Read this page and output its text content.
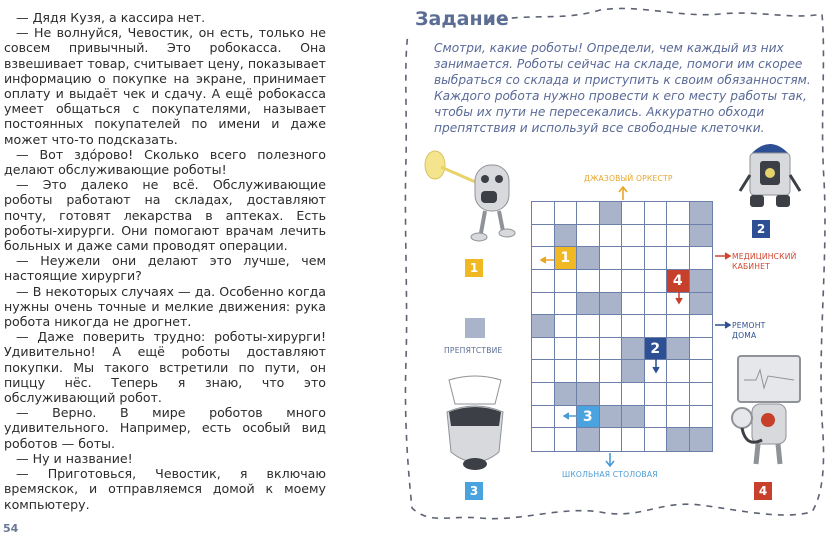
— Дядя Кузя, а кассира нет.

— Не волнуйся, Чевостик, он есть, только не совсем привычный. Это робокасса. Она взвешивает товар, считывает цену, показывает информацию о покупке на экране, принимает оплату и выдаёт чек и сдачу. А ещё робокасса умеет общаться с покупателями, называет постоянных покупателей по имени и даже может что-то подсказать.

— Вот здóрово! Сколько всего полезного делают обслуживающие роботы!

— Это далеко не всё. Обслуживающие роботы работают на складах, доставляют почту, готовят лекарства в аптеках. Есть роботы-хирурги. Они помогают врачам лечить больных и даже сами проводят операции.

— Неужели они делают это лучше, чем настоящие хирурги?

— В некоторых случаях — да. Особенно когда нужны очень точные и мелкие движения: рука робота никогда не дрогнет.

— Даже поверить трудно: роботы-хирурги! Удивительно! А ещё роботы доставляют покупки. Мы такого встретили по пути, он пиццу нёс. Теперь я знаю, что это обслуживающий робот.

— Верно. В мире роботов много удивительного. Например, есть особый вид роботов — боты.

— Ну и название!

— Приготовься, Чевостик, я включаю времяскок, и отправляемся домой к моему компьютеру.

54
Задание
Смотри, какие роботы! Определи, чем каждый из них занимается. Роботы сейчас на складе, помоги им скорее выбраться со склада и приступить к своим обязанностям. Каждого робота нужно провести к его месту работы так, чтобы их пути не пересекались. Аккуратно обходи препятствия и используй все свободные клеточки.
ДЖАЗОВЫЙ ОРКЕСТР
МЕДИЦИНСКИЙ КАБИНЕТ
РЕМОНТ ДОМА
ШКОЛЬНАЯ СТОЛОВАЯ
ПРЕПЯТСТВИЕ
1
4
2
3
1
2
3	4
